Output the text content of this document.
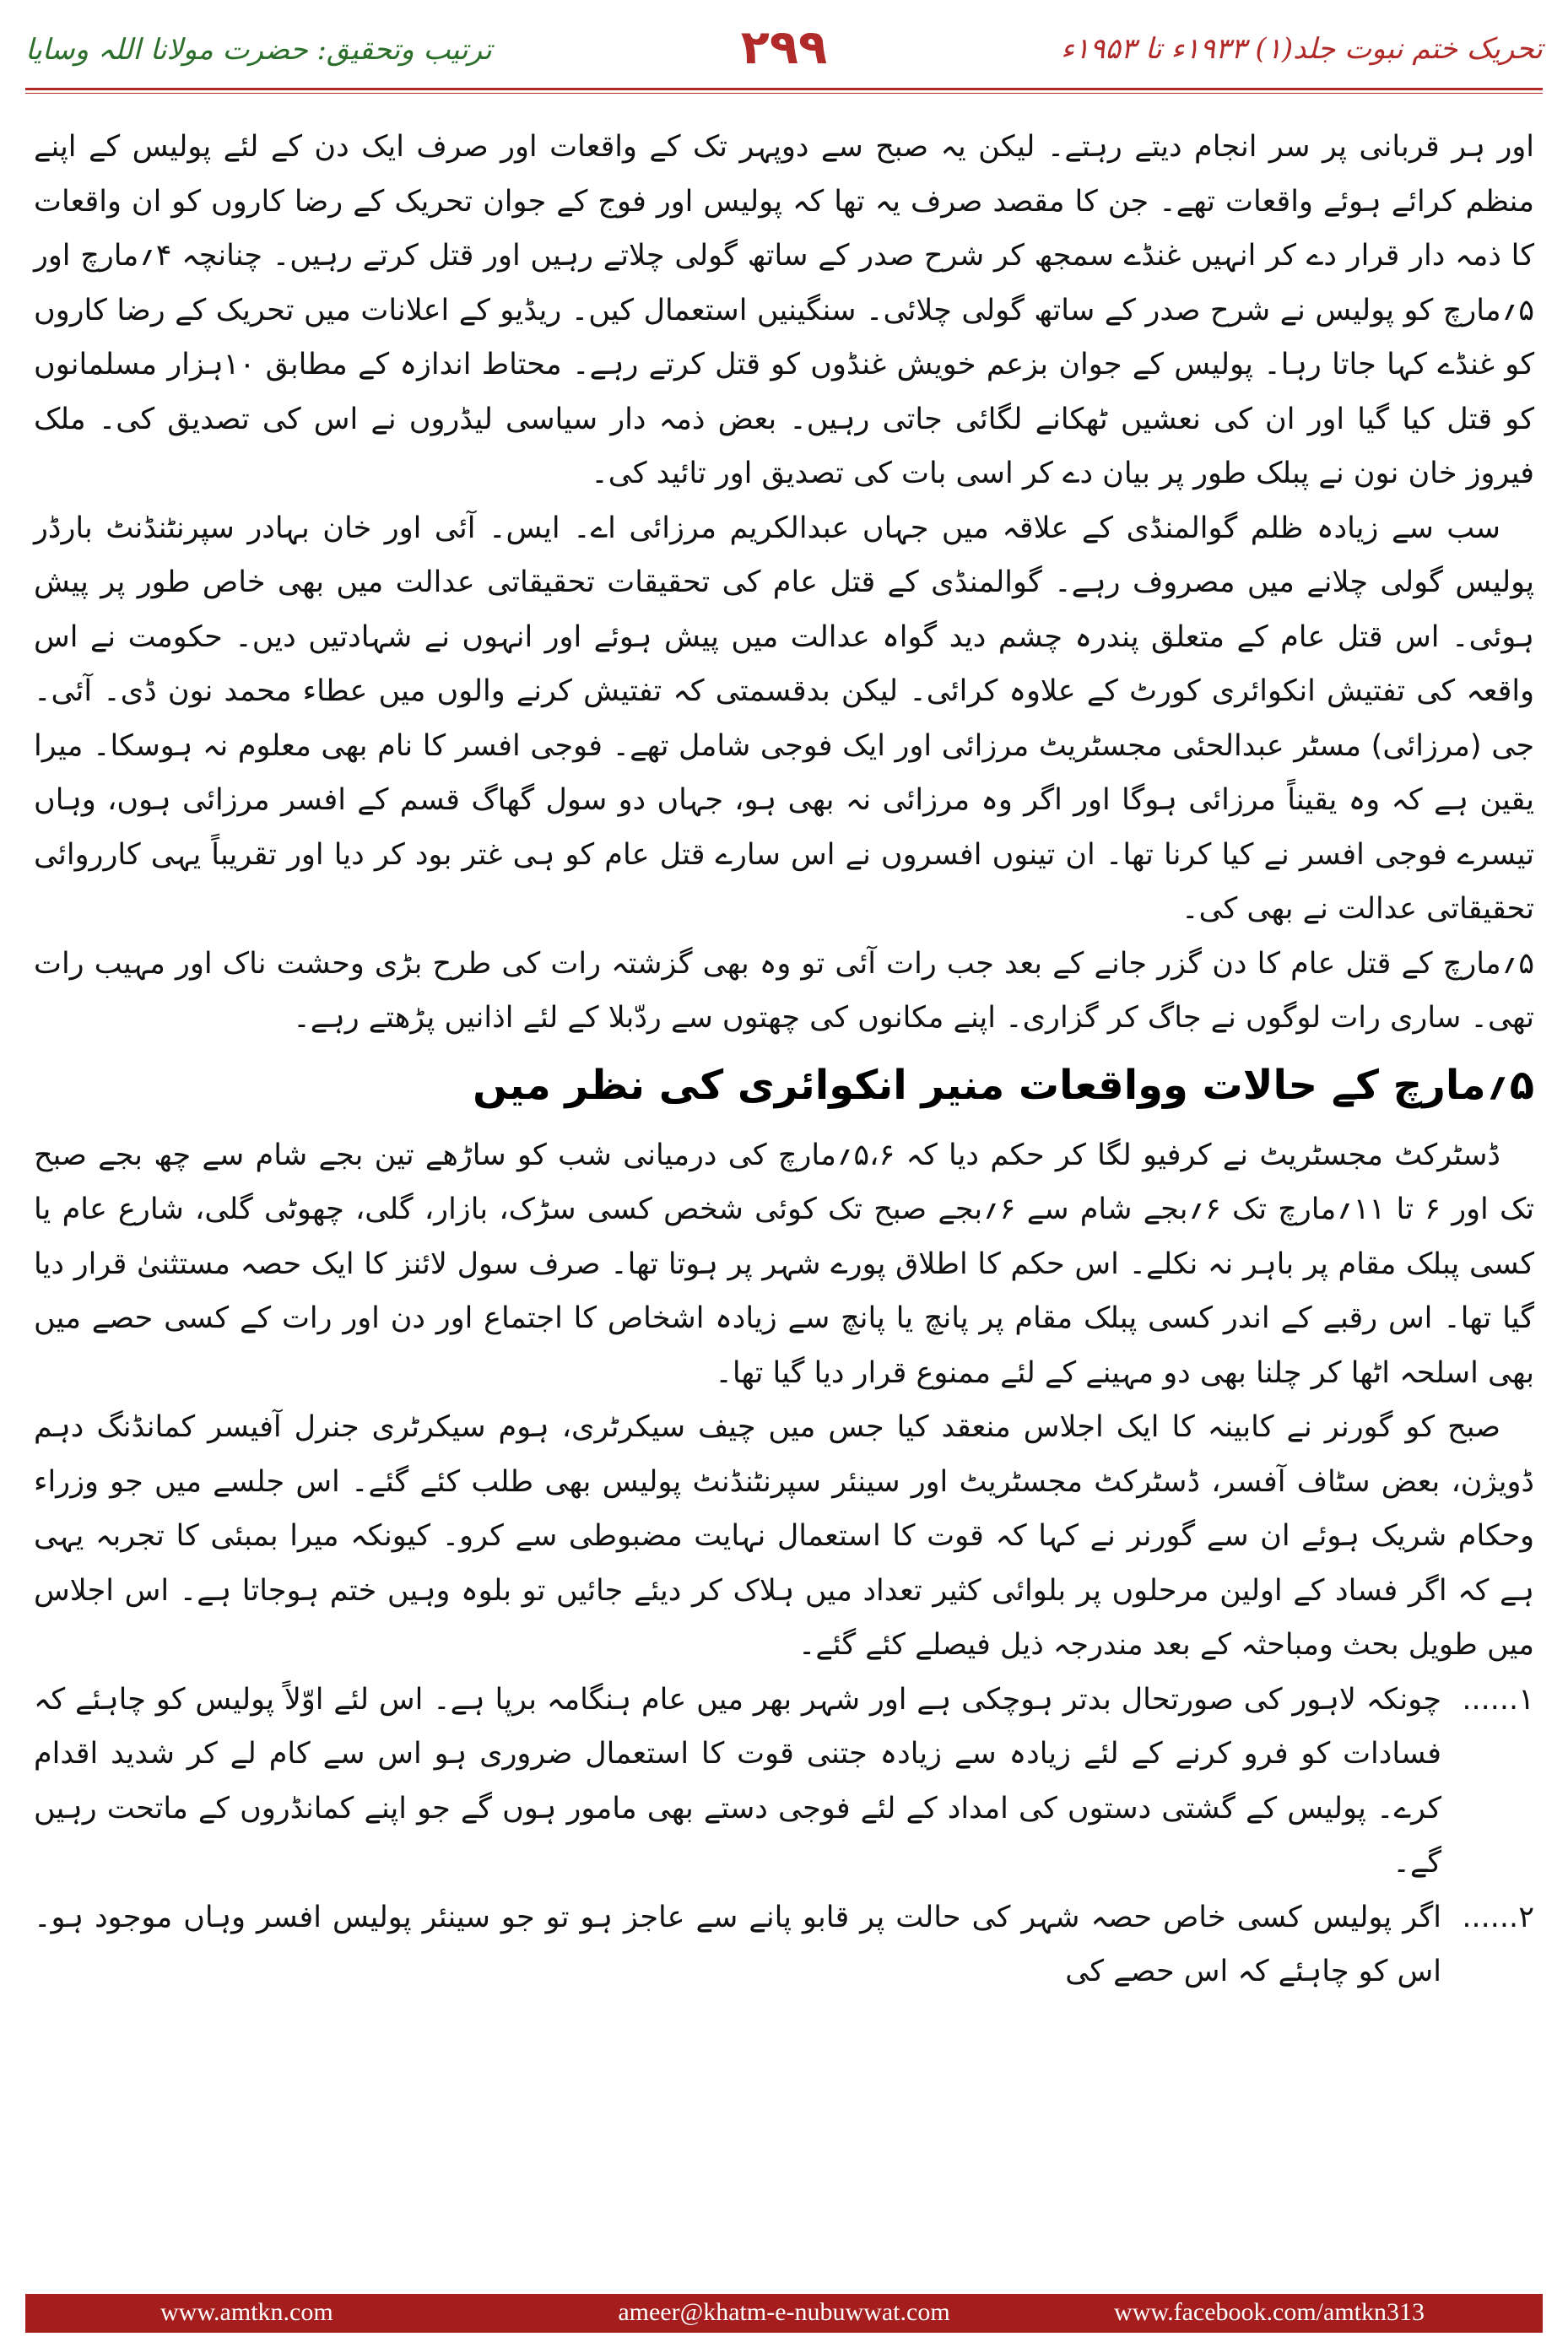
تحریک ختم نبوت جلد(۱) ۱۹۳۳ء تا ۱۹۵۳ء
۲۹۹
ترتیب وتحقیق: حضرت مولانا اللہ وسایا

اور ہر قربانی پر سر انجام دیتے رہتے۔ لیکن یہ صبح سے دوپہر تک کے واقعات اور صرف ایک دن کے لئے پولیس کے اپنے منظم کرائے ہوئے واقعات تھے۔ جن کا مقصد صرف یہ تھا کہ پولیس اور فوج کے جوان تحریک کے رضا کاروں کو ان واقعات کا ذمہ دار قرار دے کر انہیں غنڈے سمجھ کر شرح صدر کے ساتھ گولی چلاتے رہیں اور قتل کرتے رہیں۔ چنانچہ ۴؍مارچ اور ۵؍مارچ کو پولیس نے شرح صدر کے ساتھ گولی چلائی۔ سنگینیں استعمال کیں۔ ریڈیو کے اعلانات میں تحریک کے رضا کاروں کو غنڈے کہا جاتا رہا۔ پولیس کے جوان بزعم خویش غنڈوں کو قتل کرتے رہے۔ محتاط اندازہ کے مطابق ۱۰ہزار مسلمانوں کو قتل کیا گیا اور ان کی نعشیں ٹھکانے لگائی جاتی رہیں۔ بعض ذمہ دار سیاسی لیڈروں نے اس کی تصدیق کی۔ ملک فیروز خان نون نے پبلک طور پر بیان دے کر اسی بات کی تصدیق اور تائید کی۔

سب سے زیادہ ظلم گوالمنڈی کے علاقہ میں جہاں عبدالکریم مرزائی اے۔ ایس۔ آئی اور خان بہادر سپرنٹنڈنٹ بارڈر پولیس گولی چلانے میں مصروف رہے۔ گوالمنڈی کے قتل عام کی تحقیقات تحقیقاتی عدالت میں بھی خاص طور پر پیش ہوئی۔ اس قتل عام کے متعلق پندرہ چشم دید گواہ عدالت میں پیش ہوئے اور انہوں نے شہادتیں دیں۔ حکومت نے اس واقعہ کی تفتیش انکوائری کورٹ کے علاوہ کرائی۔ لیکن بدقسمتی کہ تفتیش کرنے والوں میں عطاء محمد نون ڈی۔ آئی۔ جی (مرزائی) مسٹر عبدالحئی مجسٹریٹ مرزائی اور ایک فوجی شامل تھے۔ فوجی افسر کا نام بھی معلوم نہ ہوسکا۔ میرا یقین ہے کہ وہ یقیناً مرزائی ہوگا اور اگر وہ مرزائی نہ بھی ہو، جہاں دو سول گھاگ قسم کے افسر مرزائی ہوں، وہاں تیسرے فوجی افسر نے کیا کرنا تھا۔ ان تینوں افسروں نے اس سارے قتل عام کو ہی غتر بود کر دیا اور تقریباً یہی کارروائی تحقیقاتی عدالت نے بھی کی۔

۵؍مارچ کے قتل عام کا دن گزر جانے کے بعد جب رات آئی تو وہ بھی گزشتہ رات کی طرح بڑی وحشت ناک اور مہیب رات تھی۔ ساری رات لوگوں نے جاگ کر گزاری۔ اپنے مکانوں کی چھتوں سے ردّبلا کے لئے اذانیں پڑھتے رہے۔

۵؍مارچ کے حالات وواقعات منیر انکوائری کی نظر میں

ڈسٹرکٹ مجسٹریٹ نے کرفیو لگا کر حکم دیا کہ ۵،۶؍مارچ کی درمیانی شب کو ساڑھے تین بجے شام سے چھ بجے صبح تک اور ۶ تا ۱۱؍مارچ تک ۶؍بجے شام سے ۶؍بجے صبح تک کوئی شخص کسی سڑک، بازار، گلی، چھوٹی گلی، شارع عام یا کسی پبلک مقام پر باہر نہ نکلے۔ اس حکم کا اطلاق پورے شہر پر ہوتا تھا۔ صرف سول لائنز کا ایک حصہ مستثنیٰ قرار دیا گیا تھا۔ اس رقبے کے اندر کسی پبلک مقام پر پانچ یا پانچ سے زیادہ اشخاص کا اجتماع اور دن اور رات کے کسی حصے میں بھی اسلحہ اٹھا کر چلنا بھی دو مہینے کے لئے ممنوع قرار دیا گیا تھا۔

صبح کو گورنر نے کابینہ کا ایک اجلاس منعقد کیا جس میں چیف سیکرٹری، ہوم سیکرٹری جنرل آفیسر کمانڈنگ دہم ڈویژن، بعض سٹاف آفسر، ڈسٹرکٹ مجسٹریٹ اور سینئر سپرنٹنڈنٹ پولیس بھی طلب کئے گئے۔ اس جلسے میں جو وزراء وحکام شریک ہوئے ان سے گورنر نے کہا کہ قوت کا استعمال نہایت مضبوطی سے کرو۔ کیونکہ میرا بمبئی کا تجربہ یہی ہے کہ اگر فساد کے اولین مرحلوں پر بلوائی کثیر تعداد میں ہلاک کر دیئے جائیں تو بلوہ وہیں ختم ہوجاتا ہے۔ اس اجلاس میں طویل بحث ومباحثہ کے بعد مندرجہ ذیل فیصلے کئے گئے۔

۱......
چونکہ لاہور کی صورتحال بدتر ہوچکی ہے اور شہر بھر میں عام ہنگامہ برپا ہے۔ اس لئے اوّلاً پولیس کو چاہئے کہ فسادات کو فرو کرنے کے لئے زیادہ سے زیادہ جتنی قوت کا استعمال ضروری ہو اس سے کام لے کر شدید اقدام کرے۔ پولیس کے گشتی دستوں کی امداد کے لئے فوجی دستے بھی مامور ہوں گے جو اپنے کمانڈروں کے ماتحت رہیں گے۔
۲......
اگر پولیس کسی خاص حصہ شہر کی حالت پر قابو پانے سے عاجز ہو تو جو سینئر پولیس افسر وہاں موجود ہو۔ اس کو چاہئے کہ اس حصے کی
www.amtkn.com	ameer@khatm-e-nubuwwat.com	www.facebook.com/amtkn313
